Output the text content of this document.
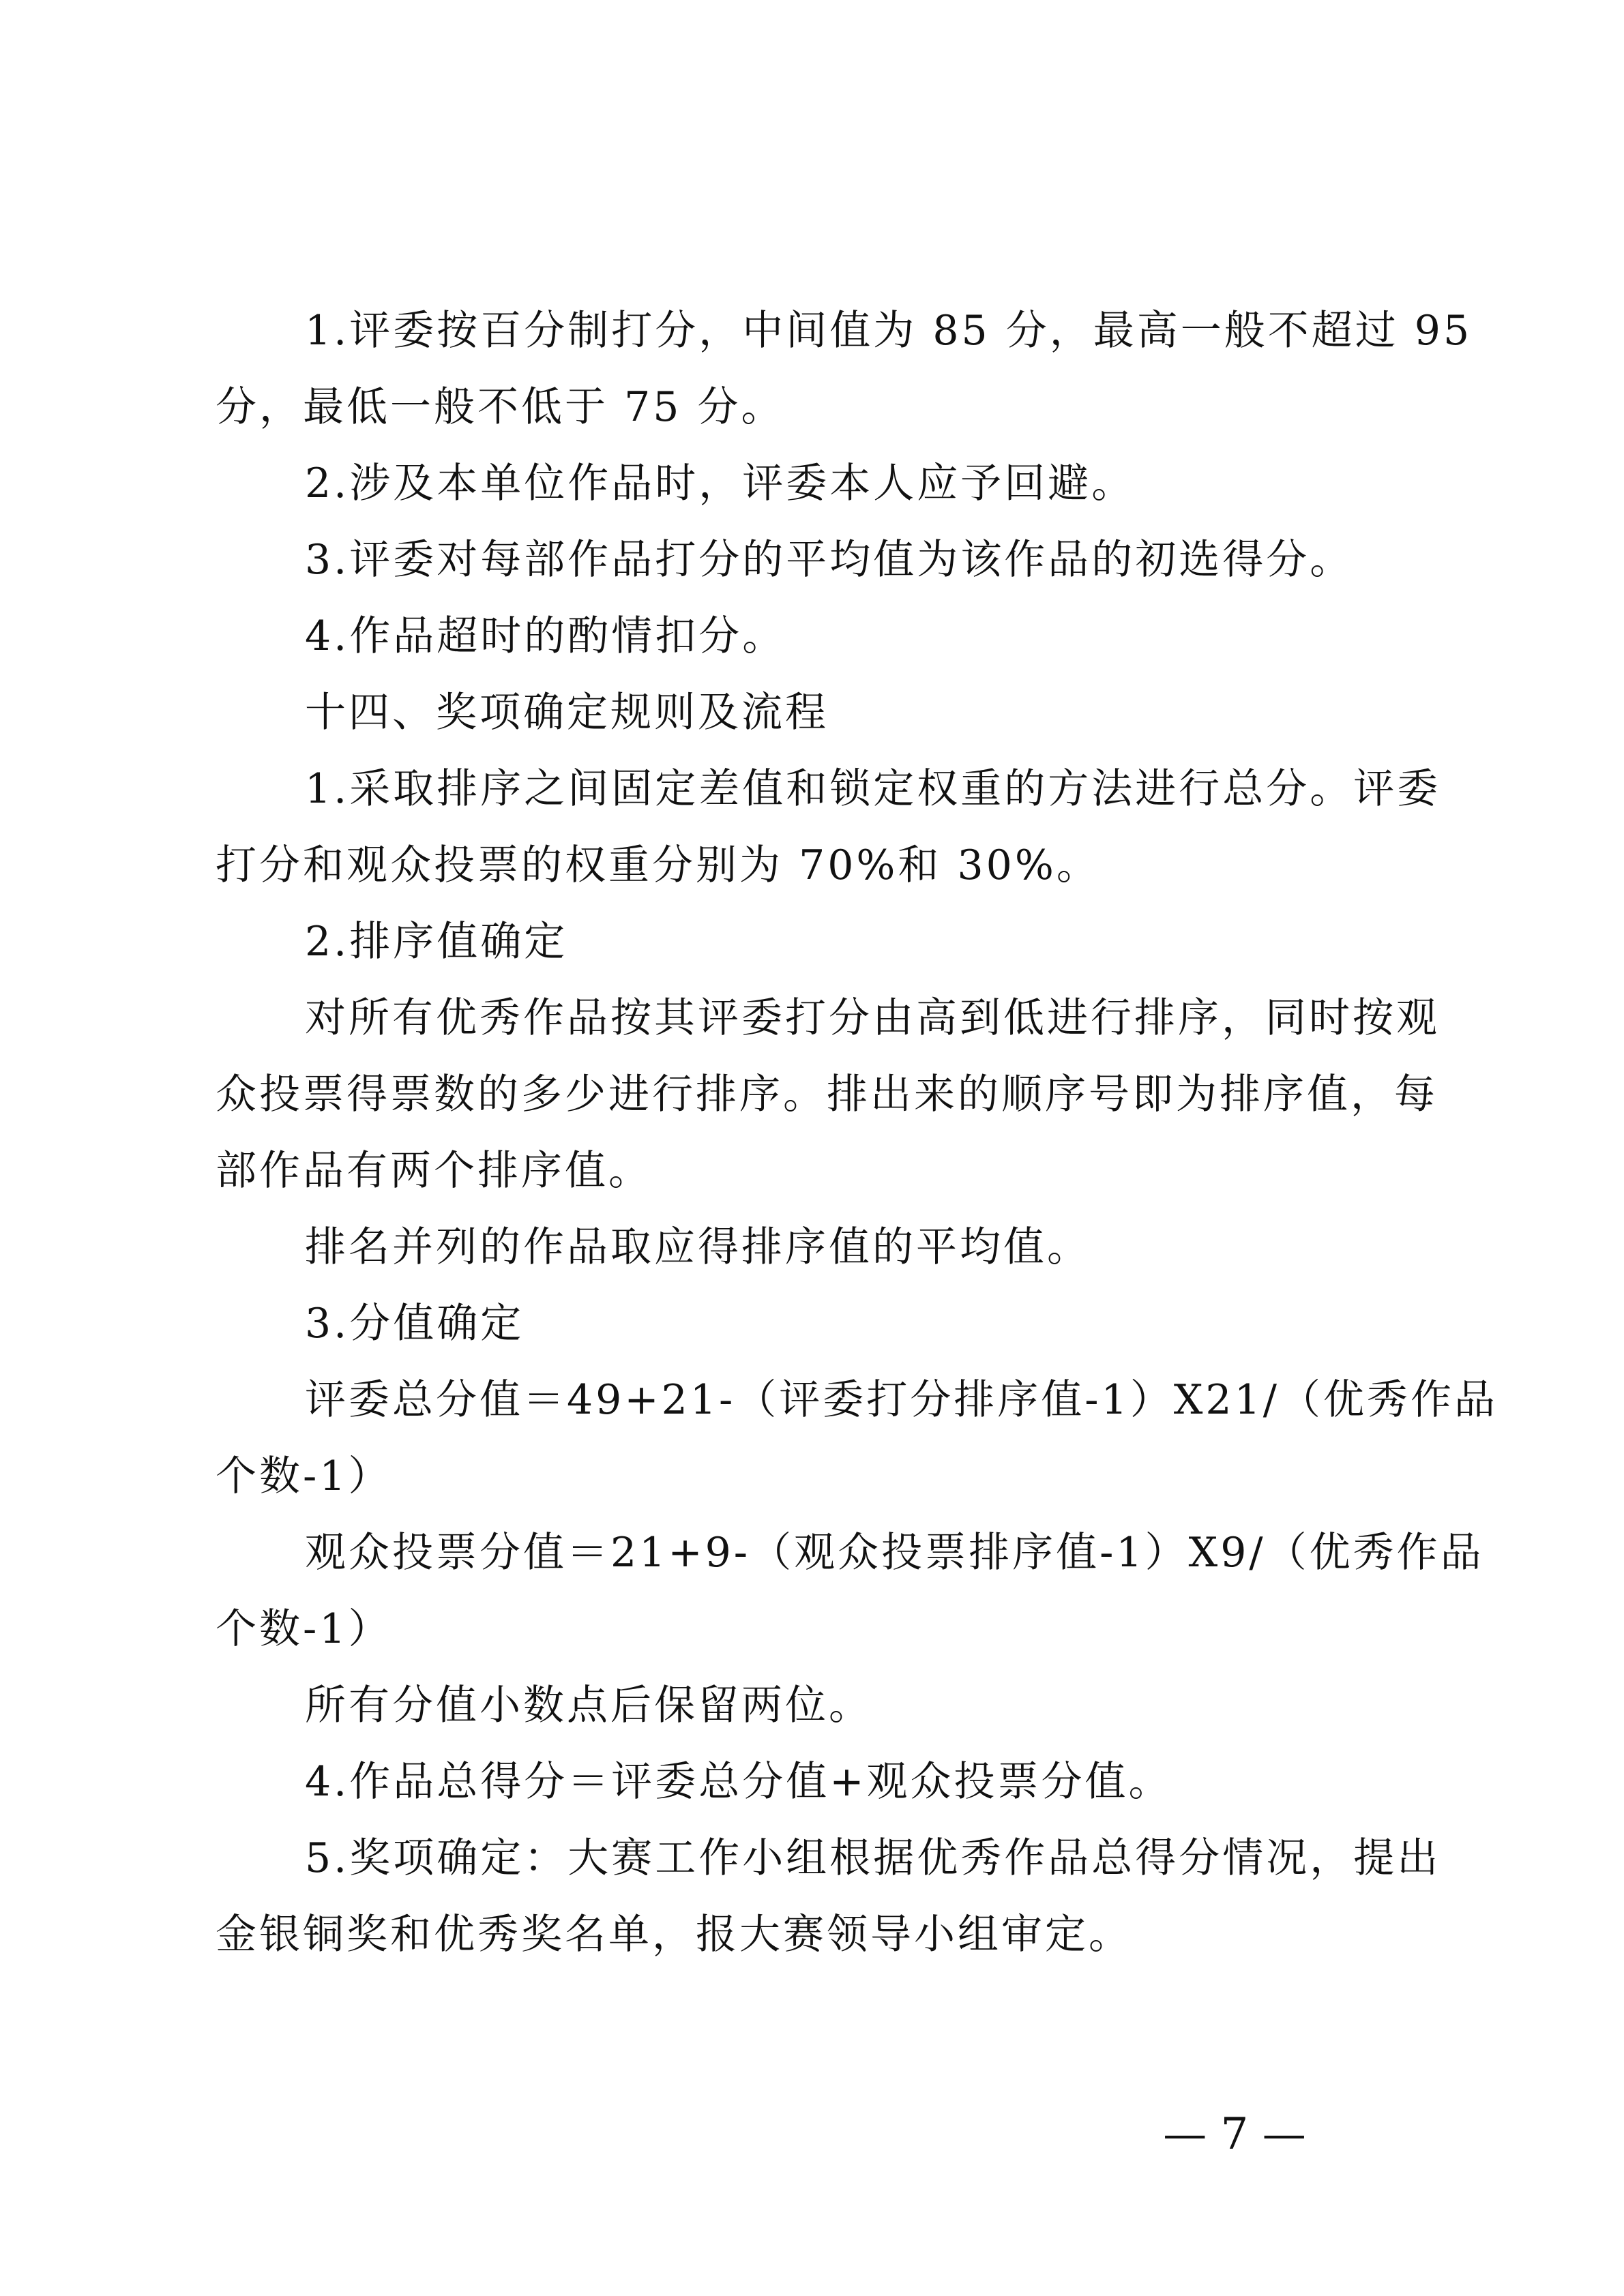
1.评委按百分制打分，中间值为 85 分，最高一般不超过 95
分，最低一般不低于 75 分。
2.涉及本单位作品时，评委本人应予回避。
3.评委对每部作品打分的平均值为该作品的初选得分。
4.作品超时的酌情扣分。
十四、奖项确定规则及流程
1.采取排序之间固定差值和锁定权重的方法进行总分。评委
打分和观众投票的权重分别为 70%和 30%。
2.排序值确定
对所有优秀作品按其评委打分由高到低进行排序，同时按观
众投票得票数的多少进行排序。排出来的顺序号即为排序值，每
部作品有两个排序值。
排名并列的作品取应得排序值的平均值。
3.分值确定
评委总分值＝49+21-（评委打分排序值-1）X21/（优秀作品
个数-1）
观众投票分值＝21+9-（观众投票排序值-1）X9/（优秀作品
个数-1）
所有分值小数点后保留两位。
4.作品总得分＝评委总分值+观众投票分值。
5.奖项确定：大赛工作小组根据优秀作品总得分情况，提出
金银铜奖和优秀奖名单，报大赛领导小组审定。
— 7 —
